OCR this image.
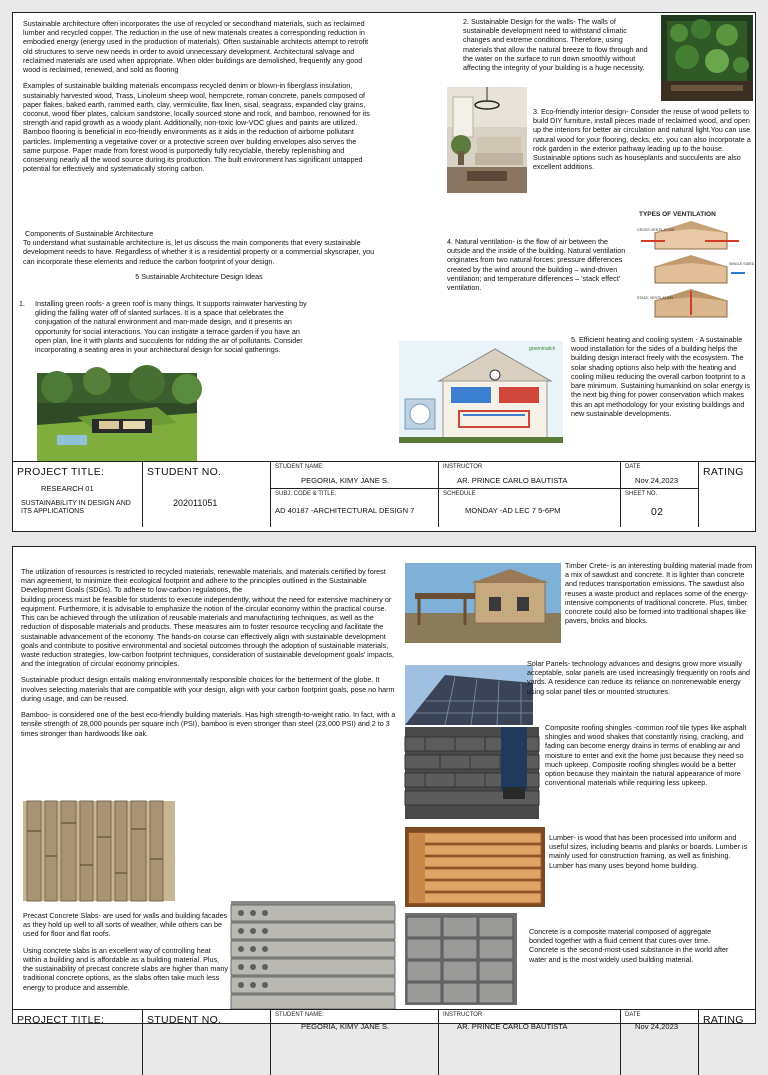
Sustainable architecture often incorporates the use of recycled or secondhand materials, such as reclaimed lumber and recycled copper. The reduction in the use of new materials creates a corresponding reduction in embodied energy (energy used in the production of materials). Often sustainable architects attempt to retrofit old structures to serve new needs in order to avoid unnecessary development. Architectural salvage and reclaimed materials are used when appropriate. When older buildings are demolished, frequently any good wood is reclaimed, renewed, and sold as flooring

Examples of sustainable building materials encompass recycled denim or blown-in fiberglass insulation, sustainably harvested wood, Trass, Linoleum sheep wool, hempcrete, roman concrete, panels composed of paper flakes, baked earth, rammed earth, clay, vermiculite, flax linen, sisal, seagrass, expanded clay grains, coconut, wood fiber plates, calcium sandstone, locally sourced stone and rock, and bamboo, renowned for its strength and rapid growth as a woody plant. Additionally, non-toxic low-VOC glues and paints are utilized. Bamboo flooring is beneficial in eco-friendly environments as it aids in the reduction of airborne pollutant particles. Implementing a vegetative cover or a protective screen over building envelopes also serves the same purpose. Paper made from forest wood is purportedly fully recyclable, thereby replenishing and conserving nearly all the wood source during its production. The built environment has significant untapped potential for effectively and systematically storing carbon.

Components of Sustainable Architecture
To understand what sustainable architecture is, let us discuss the main components that every sustainable development needs to have. Regardless of whether it is a residential property or a commercial skyscraper, you can incorporate these elements and reduce the carbon footprint of your design.
5 Sustainable Architecture Design Ideas
1.	Installing green roofs- a green roof is many things. It supports rainwater harvesting by gliding the falling water off of slanted surfaces. It is a space that celebrates the conjugation of the natural environment and man-made design, and it presents an opportunity for social interactions. You can instigate a terrace garden if you have an open plan, line it with plants and succulents for ridding the air of pollutants. Consider incorporating a seating area in your architectural design for social gatherings.
2. Sustainable Design for the walls- The walls of sustainable development need to withstand climatic changes and extreme conditions. Therefore, using materials that allow the natural breeze to flow through and the water on the surface to run down smoothly without affecting the integrity of your building is a huge necessity.
3. Eco-friendly interior design- Consider the reuse of wood pellets to build DIY furniture, install pieces made of reclaimed wood, and open up the interiors for better air circulation and natural light.You can use natural wood for your flooring, decks, etc. you can also incorporate a rock garden in the exterior pathway leading up to the house. Sustainable options such as houseplants and succulents are also excellent additions.
4. Natural ventilation- is the flow of air between the outside and the inside of the building. Natural ventilation originates from two natural forces: pressure differences created by the wind around the building – wind-driven ventilation; and temperature differences – 'stack effect' ventilation.
TYPES OF VENTILATION
CROSS VENTILATION
SINGLE SIDED
STACK VENTILATION
greenmatch
5. Efficient heating and cooling system - A sustainable wood installation for the sides of a building helps the building design interact freely with the ecosystem. The solar shading options also help with the heating and cooling milieu reducing the overall carbon footprint to a bare minimum. Sustaining humankind on solar energy is the next big thing for power conservation which makes this an apt methodology for your existing buildings and new sustainable developments.
PROJECT TITLE:
RESEARCH 01
SUSTAINABILITY IN DESIGN AND ITS APPLICATIONS
STUDENT NO.
202011051
STUDENT NAME:
PEGORIA, KIMY JANE S.
SUBJ. CODE & TITLE:
AD 40187 -ARCHITECTURAL DESIGN 7
INSTRUCTOR
AR. PRINCE CARLO BAUTISTA
SCHEDULE
MONDAY -AD LEC 7 5-6PM
DATE
Nov 24,2023
SHEET NO.
02
RATING

The utilization of resources is restricted to recycled materials, renewable materials, and materials certified by forest man agreement, to minimize their ecological footprint and adhere to the principles outlined in the Sustainable Development Goals (SDGs). To adhere to low-carbon regulations, the

building process must be feasible for students to execute independently, without the need for extensive machinery or equipment. Furthermore, it is advisable to emphasize the notion of the circular economy within the practical course. This can be achieved through the utilization of reusable materials and manufacturing techniques, as well as the reduction of disposable materials and products. These measures aim to foster resource recycling and facilitate the sustainable advancement of the economy. The hands-on course can effectively align with sustainable development goals and contribute to positive environmental and societal outcomes through the adoption of sustainable materials, waste reduction strategies, low-carbon footprint techniques, consideration of sustainable development goals' impacts, and the integration of circular economy principles.

Sustainable product design entails making environmentally responsible choices for the betterment of the globe. It involves selecting materials that are compatible with your design, align with your carbon footprint goals, pose no harm during usage, and can be reused.

Bamboo- is considered one of the best eco-friendly building materials. Has high strength-to-weight ratio. In fact, with a tensile strength of 28,000 pounds per square inch (PSI), bamboo is even stronger than steel (23,000 PSI) and 2 to 3 times stronger than hardwoods like oak.

Precast Concrete Slabs- are used for walls and building facades as they hold up well to all sorts of weather, while others can be used for floor and flat roofs.

Using concrete slabs is an excellent way of controlling heat within a building and is affordable as a building material. Plus, the sustainability of precast concrete slabs are higher than many traditional concrete options, as the slabs often take much less energy to produce and assemble.

Timber Crete- is an interesting building material made from a mix of sawdust and concrete. It is lighter than concrete and reduces transportation emissions. The sawdust also reuses a waste product and replaces some of the energy-intensive components of traditional concrete. Plus, timber concrete could also be formed into traditional shapes like pavers, bricks and blocks.
Solar Panels- technology advances and designs grow more visually acceptable, solar panels are used increasingly frequently on roofs and yards. A residence can reduce its reliance on nonrenewable energy using solar panel tiles or mounted structures.
Composite roofing shingles -common roof tile types like asphalt shingles and wood shakes that constantly rising, cracking, and fading can become energy drains in terms of enabling air and moisture to enter and exit the home just because they need so much upkeep. Composite roofing shingles would be a better option because they maintain the natural appearance of more conventional materials while requiring less upkeep.
Lumber- is wood that has been processed into uniform and useful sizes, including beams and planks or boards. Lumber is mainly used for construction framing, as well as finishing. Lumber has many uses beyond home building.
Concrete is a composite material composed of aggregate bonded together with a fluid cement that cures over time. Concrete is the second-most-used substance in the world after water and is the most widely used building material.
PROJECT TITLE:	STUDENT NO.	STUDENT NAME:
PEGORIA, KIMY JANE S.
INSTRUCTOR
AR. PRINCE CARLO BAUTISTA
DATE
Nov 24,2023
RATING
